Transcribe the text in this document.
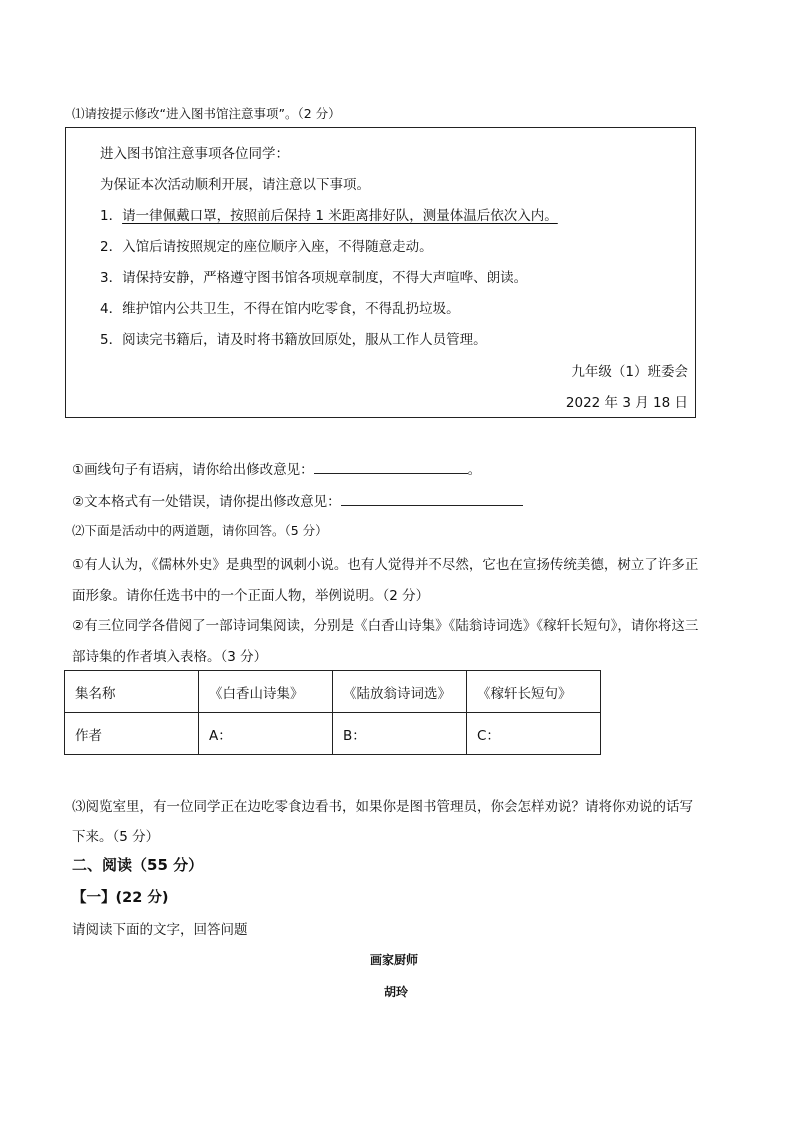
⑴请按提示修改“进入图书馆注意事项”。（2 分）
进入图书馆注意事项各位同学：
为保证本次活动顺利开展，请注意以下事项。
1．请一律佩戴口罩，按照前后保持 1 米距离排好队，测量体温后依次入内。
2．入馆后请按照规定的座位顺序入座，不得随意走动。
3．请保持安静，严格遵守图书馆各项规章制度，不得大声喧哗、朗读。
4．维护馆内公共卫生，不得在馆内吃零食，不得乱扔垃圾。
5．阅读完书籍后，请及时将书籍放回原处，服从工作人员管理。
九年级（1）班委会
2022 年 3 月 18 日
①画线句子有语病，请你给出修改意见：	。
②文本格式有一处错误，请你提出修改意见：
⑵下面是活动中的两道题，请你回答。（5 分）
①有人认为，《儒林外史》是典型的讽刺小说。也有人觉得并不尽然，它也在宣扬传统美德，树立了许多正
面形象。请你任选书中的一个正面人物，举例说明。（2 分）
②有三位同学各借阅了一部诗词集阅读，分别是《白香山诗集》《陆翁诗词选》《稼轩长短句》，请你将这三
部诗集的作者填入表格。（3 分）
集名称	《白香山诗集》	《陆放翁诗词选》	《稼轩长短句》
作者	A：	B：	C：
⑶阅览室里，有一位同学正在边吃零食边看书，如果你是图书管理员，你会怎样劝说？请将你劝说的话写
下来。（5 分）
二、阅读（55 分）
【一】(22 分)
请阅读下面的文字，回答问题
画家厨师
胡玲
